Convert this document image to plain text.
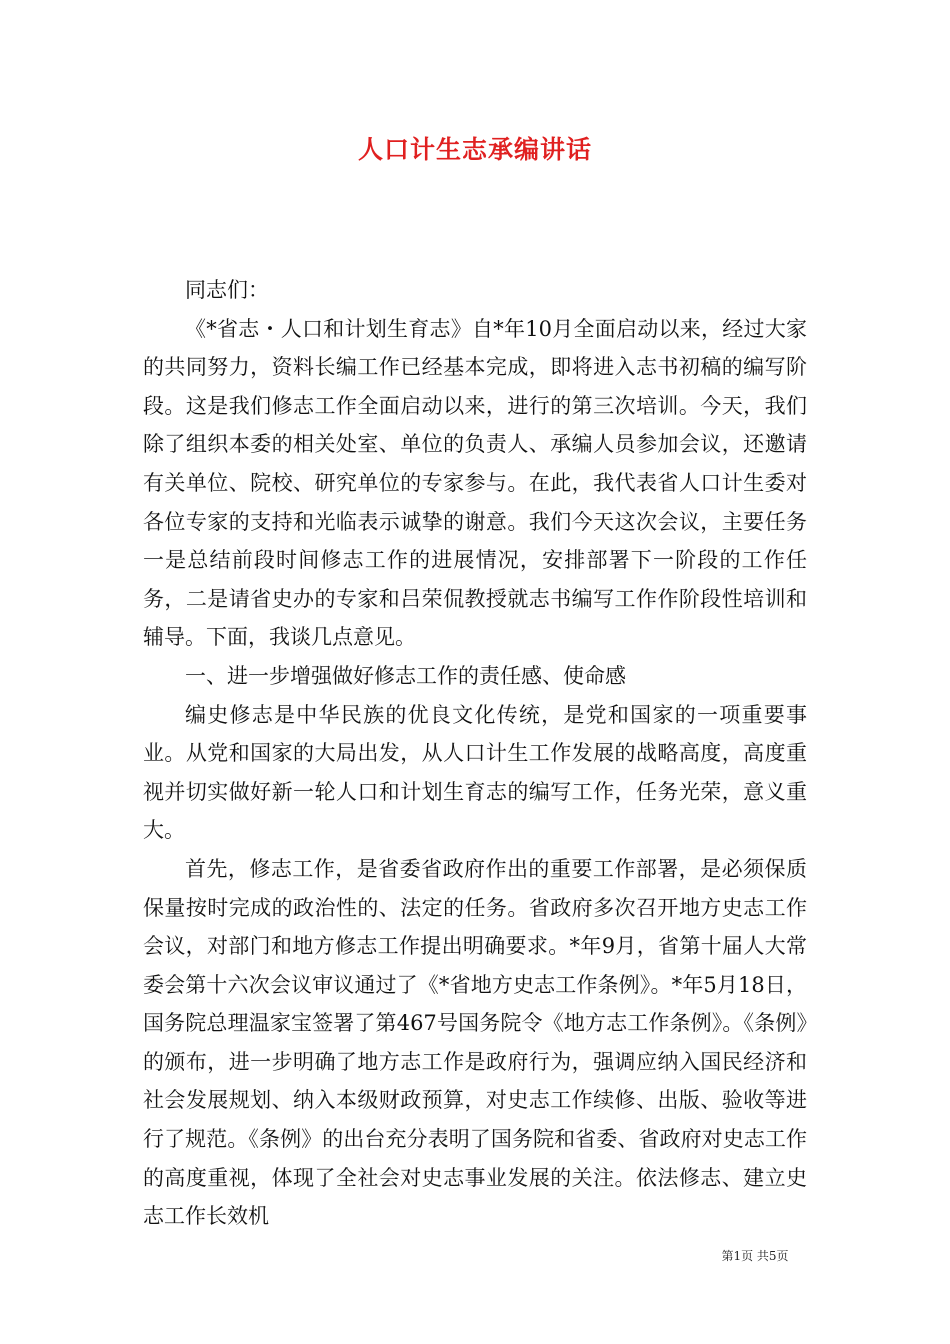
人口计生志承编讲话

同志们：

《*省志・人口和计划生育志》自*年10月全面启动以来，经过大家的共同努力，资料长编工作已经基本完成，即将进入志书初稿的编写阶段。这是我们修志工作全面启动以来，进行的第三次培训。今天，我们除了组织本委的相关处室、单位的负责人、承编人员参加会议，还邀请有关单位、院校、研究单位的专家参与。在此，我代表省人口计生委对各位专家的支持和光临表示诚挚的谢意。我们今天这次会议，主要任务一是总结前段时间修志工作的进展情况，安排部署下一阶段的工作任务，二是请省史办的专家和吕荣侃教授就志书编写工作作阶段性培训和辅导。下面，我谈几点意见。

一、进一步增强做好修志工作的责任感、使命感

编史修志是中华民族的优良文化传统，是党和国家的一项重要事业。从党和国家的大局出发，从人口计生工作发展的战略高度，高度重视并切实做好新一轮人口和计划生育志的编写工作，任务光荣，意义重大。

首先，修志工作，是省委省政府作出的重要工作部署，是必须保质保量按时完成的政治性的、法定的任务。省政府多次召开地方史志工作会议，对部门和地方修志工作提出明确要求。*年9月，省第十届人大常委会第十六次会议审议通过了《*省地方史志工作条例》。*年5月18日，国务院总理温家宝签署了第467号国务院令《地方志工作条例》。《条例》的颁布，进一步明确了地方志工作是政府行为，强调应纳入国民经济和社会发展规划、纳入本级财政预算，对史志工作续修、出版、验收等进行了规范。《条例》的出台充分表明了国务院和省委、省政府对史志工作的高度重视，体现了全社会对史志事业发展的关注。依法修志、建立史志工作长效机

第1页 共5页
